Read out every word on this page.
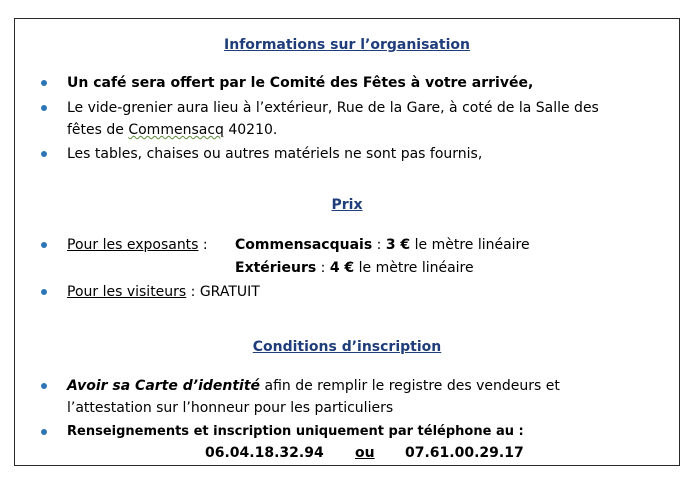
Informations sur l’organisation
Un café sera offert par le Comité des Fêtes à votre arrivée,
Le vide-grenier aura lieu à l’extérieur, Rue de la Gare, à coté de la Salle des
fêtes de Commensacq 40210.
Les tables, chaises ou autres matériels ne sont pas fournis,
Prix
Pour les exposants : Commensacquais : 3 € le mètre linéaire
Extérieurs : 4 € le mètre linéaire
Pour les visiteurs : GRATUIT
Conditions d’inscription
Avoir sa Carte d’identité afin de remplir le registre des vendeurs et
l’attestation sur l’honneur pour les particuliers
Renseignements et inscription uniquement par téléphone au :
06.04.18.32.94 ou 07.61.00.29.17
